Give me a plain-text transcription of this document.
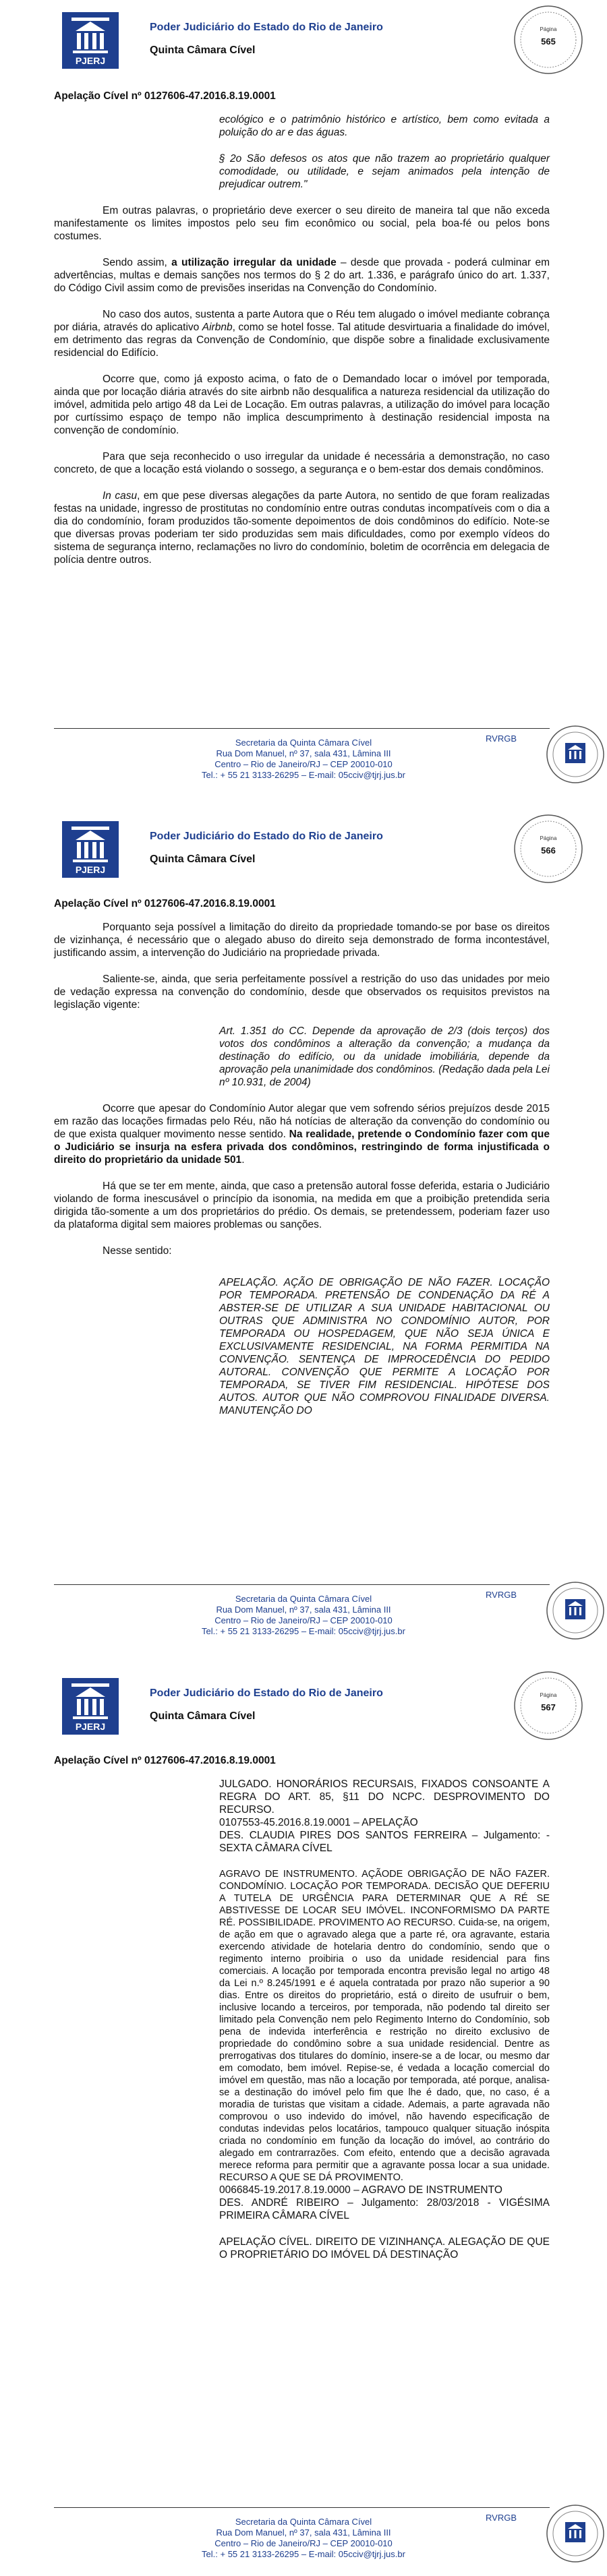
PJERJ
Poder Judiciário do Estado do Rio de Janeiro
Quinta Câmara Cível
Página
565
Apelação Cível nº 0127606-47.2016.8.19.0001
ecológico e o patrimônio histórico e artístico, bem como evitada a poluição do ar e das águas.
§ 2o São defesos os atos que não trazem ao proprietário qualquer comodidade, ou utilidade, e sejam animados pela intenção de prejudicar outrem."

Em outras palavras, o proprietário deve exercer o seu direito de maneira tal que não exceda manifestamente os limites impostos pelo seu fim econômico ou social, pela boa-fé ou pelos bons costumes.

Sendo assim, a utilização irregular da unidade – desde que provada - poderá culminar em advertências, multas e demais sanções nos termos do § 2 do art. 1.336, e parágrafo único do art. 1.337, do Código Civil assim como de previsões inseridas na Convenção do Condomínio.

No caso dos autos, sustenta a parte Autora que o Réu tem alugado o imóvel mediante cobrança por diária, através do aplicativo Airbnb, como se hotel fosse. Tal atitude desvirtuaria a finalidade do imóvel, em detrimento das regras da Convenção de Condomínio, que dispõe sobre a finalidade exclusivamente residencial do Edifício.

Ocorre que, como já exposto acima, o fato de o Demandado locar o imóvel por temporada, ainda que por locação diária através do site airbnb não desqualifica a natureza residencial da utilização do imóvel, admitida pelo artigo 48 da Lei de Locação. Em outras palavras, a utilização do imóvel para locação por curtíssimo espaço de tempo não implica descumprimento à destinação residencial imposta na convenção de condomínio.

Para que seja reconhecido o uso irregular da unidade é necessária a demonstração, no caso concreto, de que a locação está violando o sossego, a segurança e o bem-estar dos demais condôminos.

In casu, em que pese diversas alegações da parte Autora, no sentido de que foram realizadas festas na unidade, ingresso de prostitutas no condomínio entre outras condutas incompatíveis com o dia a dia do condomínio, foram produzidos tão-somente depoimentos de dois condôminos do edifício. Note-se que diversas provas poderiam ter sido produzidas sem mais dificuldades, como por exemplo vídeos do sistema de segurança interno, reclamações no livro do condomínio, boletim de ocorrência em delegacia de polícia dentre outros.

Secretaria da Quinta Câmara Cível
Rua Dom Manuel, nº 37, sala 431, Lâmina III
Centro – Rio de Janeiro/RJ – CEP 20010-010
Tel.: + 55 21 3133-26295 – E-mail: 05cciv@tjrj.jus.br
RVRGB
PJERJ
Poder Judiciário do Estado do Rio de Janeiro
Quinta Câmara Cível
Página
566
Apelação Cível nº 0127606-47.2016.8.19.0001

Porquanto seja possível a limitação do direito da propriedade tomando-se por base os direitos de vizinhança, é necessário que o alegado abuso do direito seja demonstrado de forma incontestável, justificando assim, a intervenção do Judiciário na propriedade privada.

Saliente-se, ainda, que seria perfeitamente possível a restrição do uso das unidades por meio de vedação expressa na convenção do condomínio, desde que observados os requisitos previstos na legislação vigente:

Art. 1.351 do CC. Depende da aprovação de 2/3 (dois terços) dos votos dos condôminos a alteração da convenção; a mudança da destinação do edifício, ou da unidade imobiliária, depende da aprovação pela unanimidade dos condôminos. (Redação dada pela Lei nº 10.931, de 2004)

Ocorre que apesar do Condomínio Autor alegar que vem sofrendo sérios prejuízos desde 2015 em razão das locações firmadas pelo Réu, não há notícias de alteração da convenção do condomínio ou de que exista qualquer movimento nesse sentido. Na realidade, pretende o Condomínio fazer com que o Judiciário se insurja na esfera privada dos condôminos, restringindo de forma injustificada o direito do proprietário da unidade 501.

Há que se ter em mente, ainda, que caso a pretensão autoral fosse deferida, estaria o Judiciário violando de forma inescusável o princípio da isonomia, na medida em que a proibição pretendida seria dirigida tão-somente a um dos proprietários do prédio. Os demais, se pretendessem, poderiam fazer uso da plataforma digital sem maiores problemas ou sanções.

Nesse sentido:

APELAÇÃO. AÇÃO DE OBRIGAÇÃO DE NÃO FAZER. LOCAÇÃO POR TEMPORADA. PRETENSÃO DE CONDENAÇÃO DA RÉ A ABSTER-SE DE UTILIZAR A SUA UNIDADE HABITACIONAL OU OUTRAS QUE ADMINISTRA NO CONDOMÍNIO AUTOR, POR TEMPORADA OU HOSPEDAGEM, QUE NÃO SEJA ÚNICA E EXCLUSIVAMENTE RESIDENCIAL, NA FORMA PERMITIDA NA CONVENÇÃO. SENTENÇA DE IMPROCEDÊNCIA DO PEDIDO AUTORAL. CONVENÇÃO QUE PERMITE A LOCAÇÃO POR TEMPORADA, SE TIVER FIM RESIDENCIAL. HIPÓTESE DOS AUTOS. AUTOR QUE NÃO COMPROVOU FINALIDADE DIVERSA. MANUTENÇÃO DO
Secretaria da Quinta Câmara Cível
Rua Dom Manuel, nº 37, sala 431, Lâmina III
Centro – Rio de Janeiro/RJ – CEP 20010-010
Tel.: + 55 21 3133-26295 – E-mail: 05cciv@tjrj.jus.br
RVRGB
PJERJ
Poder Judiciário do Estado do Rio de Janeiro
Quinta Câmara Cível
Página
567
Apelação Cível nº 0127606-47.2016.8.19.0001
JULGADO. HONORÁRIOS RECURSAIS, FIXADOS CONSOANTE A REGRA DO ART. 85, §11 DO NCPC. DESPROVIMENTO DO RECURSO.
0107553-45.2016.8.19.0001 – APELAÇÃO
DES. CLAUDIA PIRES DOS SANTOS FERREIRA – Julgamento: - SEXTA CÂMARA CÍVEL
AGRAVO DE INSTRUMENTO. AÇÃODE OBRIGAÇÃO DE NÃO FAZER. CONDOMÍNIO. LOCAÇÃO POR TEMPORADA. DECISÃO QUE DEFERIU A TUTELA DE URGÊNCIA PARA DETERMINAR QUE A RÉ SE ABSTIVESSE DE LOCAR SEU IMÓVEL. INCONFORMISMO DA PARTE RÉ. POSSIBILIDADE. PROVIMENTO AO RECURSO. Cuida-se, na origem, de ação em que o agravado alega que a parte ré, ora agravante, estaria exercendo atividade de hotelaria dentro do condomínio, sendo que o regimento interno proibiria o uso da unidade residencial para fins comerciais. A locação por temporada encontra previsão legal no artigo 48 da Lei n.º 8.245/1991 e é aquela contratada por prazo não superior a 90 dias. Entre os direitos do proprietário, está o direito de usufruir o bem, inclusive locando a terceiros, por temporada, não podendo tal direito ser limitado pela Convenção nem pelo Regimento Interno do Condomínio, sob pena de indevida interferência e restrição no direito exclusivo de propriedade do condômino sobre a sua unidade residencial. Dentre as prerrogativas dos titulares do domínio, insere-se a de locar, ou mesmo dar em comodato, bem imóvel. Repise-se, é vedada a locação comercial do imóvel em questão, mas não a locação por temporada, até porque, analisa-se a destinação do imóvel pelo fim que lhe é dado, que, no caso, é a moradia de turistas que visitam a cidade. Ademais, a parte agravada não comprovou o uso indevido do imóvel, não havendo especificação de condutas indevidas pelos locatários, tampouco qualquer situação inóspita criada no condomínio em função da locação do imóvel, ao contrário do alegado em contrarrazões. Com efeito, entendo que a decisão agravada merece reforma para permitir que a agravante possa locar a sua unidade. RECURSO A QUE SE DÁ PROVIMENTO.
0066845-19.2017.8.19.0000 – AGRAVO DE INSTRUMENTO
DES. ANDRÉ RIBEIRO – Julgamento: 28/03/2018 - VIGÉSIMA PRIMEIRA CÂMARA CÍVEL
APELAÇÃO CÍVEL. DIREITO DE VIZINHANÇA. ALEGAÇÃO DE QUE O PROPRIETÁRIO DO IMÓVEL DÁ DESTINAÇÃO
Secretaria da Quinta Câmara Cível
Rua Dom Manuel, nº 37, sala 431, Lâmina III
Centro – Rio de Janeiro/RJ – CEP 20010-010
Tel.: + 55 21 3133-26295 – E-mail: 05cciv@tjrj.jus.br
RVRGB
